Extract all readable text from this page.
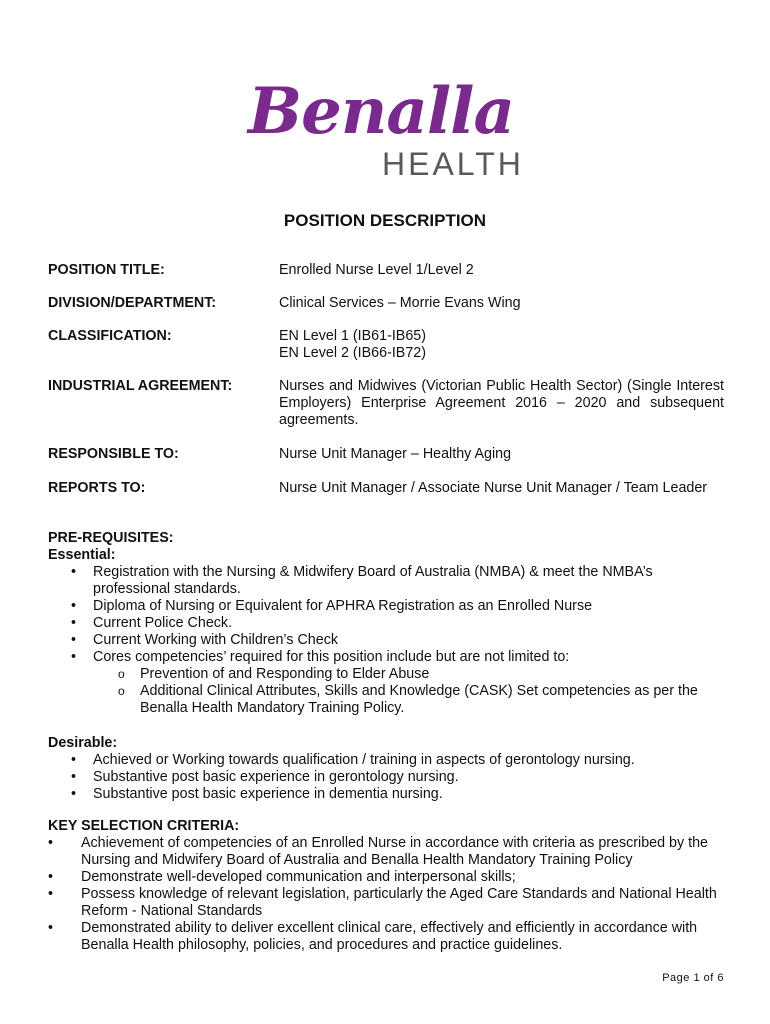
Benalla
HEALTH
POSITION DESCRIPTION
POSITION TITLE:	Enrolled Nurse Level 1/Level 2
DIVISION/DEPARTMENT:	Clinical Services – Morrie Evans Wing
CLASSIFICATION:	EN Level 1 (IB61-IB65)
EN Level 2 (IB66-IB72)
INDUSTRIAL AGREEMENT:	Nurses and Midwives (Victorian Public Health Sector) (Single Interest Employers) Enterprise Agreement 2016 – 2020 and subsequent agreements.
RESPONSIBLE TO:	Nurse Unit Manager – Healthy Aging
REPORTS TO:	Nurse Unit Manager / Associate Nurse Unit Manager / Team Leader
PRE-REQUISITES:
Essential:
• Registration with the Nursing & Midwifery Board of Australia (NMBA) & meet the NMBA’s professional standards.
• Diploma of Nursing or Equivalent for APHRA Registration as an Enrolled Nurse
• Current Police Check.
• Current Working with Children’s Check
• Cores competencies’ required for this position include but are not limited to:
o Prevention of and Responding to Elder Abuse
o Additional Clinical Attributes, Skills and Knowledge (CASK) Set competencies as per the Benalla Health Mandatory Training Policy.
Desirable:
• Achieved or Working towards qualification / training in aspects of gerontology nursing.
• Substantive post basic experience in gerontology nursing.
• Substantive post basic experience in dementia nursing.
KEY SELECTION CRITERIA:
• Achievement of competencies of an Enrolled Nurse in accordance with criteria as prescribed by the Nursing and Midwifery Board of Australia and Benalla Health Mandatory Training Policy
• Demonstrate well-developed communication and interpersonal skills;
• Possess knowledge of relevant legislation, particularly the Aged Care Standards and National Health Reform - National Standards
• Demonstrated ability to deliver excellent clinical care, effectively and efficiently in accordance with Benalla Health philosophy, policies, and procedures and practice guidelines.
Page 1 of 6
